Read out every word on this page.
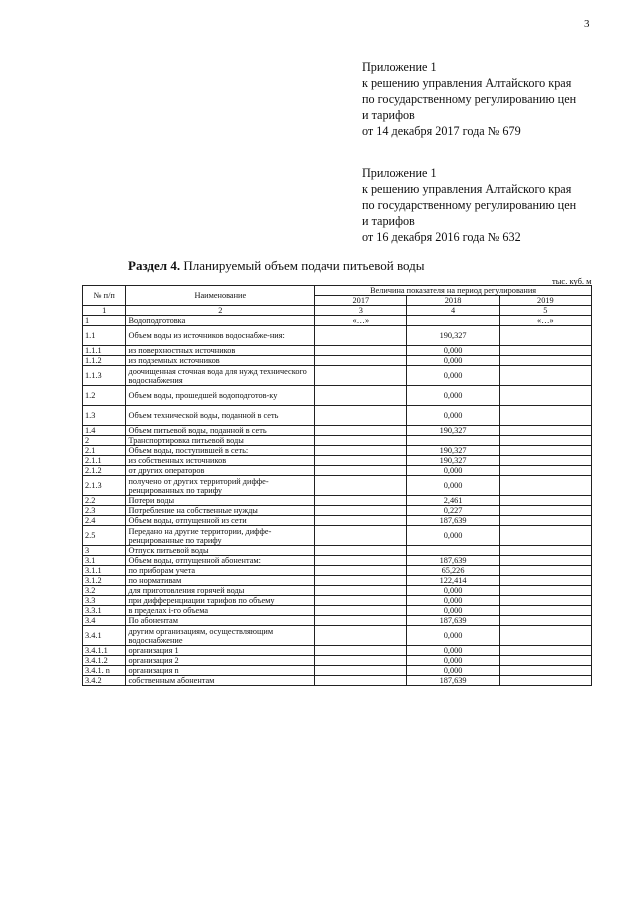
3
Приложение 1
к решению управления Алтайского края
по государственному регулированию цен
и тарифов
от 14 декабря 2017 года № 679
Приложение 1
к решению управления Алтайского края
по государственному регулированию цен
и тарифов
от 16 декабря 2016 года № 632
Раздел 4. Планируемый объем подачи питьевой воды
тыс. куб. м
№ п/п	Наименование	Величина показателя на период регулирования		
		2017	2018	2019
1	2	3	4	5
1	Водоподготовка	«…»		«…»
1.1	Объем воды из источников водоснабже-ния:		190,327	
1.1.1	из поверхностных источников		0,000	
1.1.2	из подземных источников		0,000	
1.1.3	доочищенная сточная вода для нужд технического водоснабжения		0,000	
1.2	Объем воды, прошедшей водоподготов-ку		0,000	
1.3	Объем технической воды, поданной в сеть		0,000	
1.4	Объем питьевой воды, поданной в сеть		190,327	
2	Транспортировка питьевой воды			
2.1	Объем воды, поступившей в сеть:		190,327	
2.1.1	из собственных источников		190,327	
2.1.2	от других операторов		0,000	
2.1.3	получено от других территорий диффе-ренцированных по тарифу		0,000	
2.2	Потери воды		2,461	
2.3	Потребление на собственные нужды		0,227	
2.4	Объем воды, отпущенной из сети		187,639	
2.5	Передано на другие территории, диффе-ренцированные по тарифу		0,000	
3	Отпуск питьевой воды			
3.1	Объем воды, отпущенной абонентам:		187,639	
3.1.1	по приборам учета		65,226	
3.1.2	по нормативам		122,414	
3.2	для приготовления горячей воды		0,000	
3.3	при дифференциации тарифов по объему		0,000	
3.3.1	в пределах i-го объема		0,000	
3.4	По абонентам		187,639	
3.4.1	другим организациям, осуществляющим водоснабжение		0,000	
3.4.1.1	организация 1		0,000	
3.4.1.2	организация 2		0,000	
3.4.1. n	организация n		0,000	
3.4.2	собственным абонентам		187,639	
